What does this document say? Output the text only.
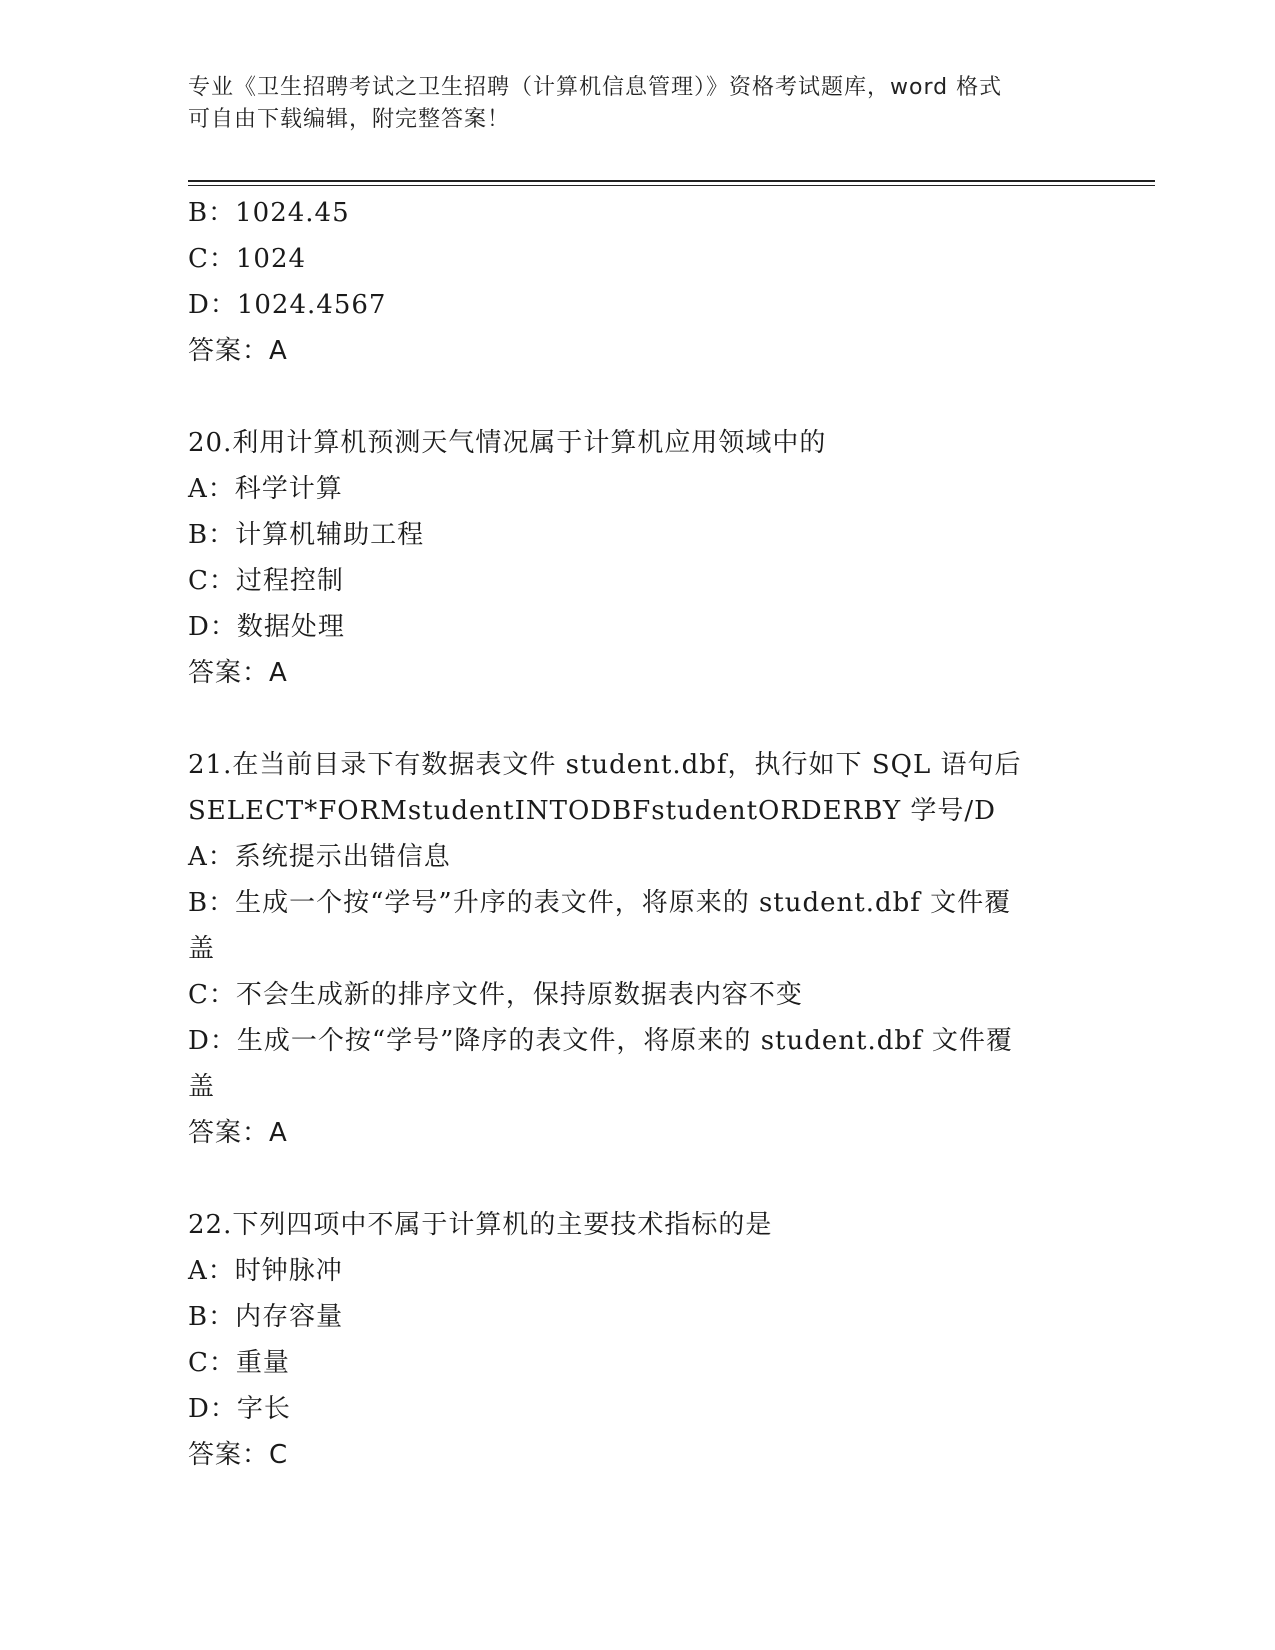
专业《卫生招聘考试之卫生招聘（计算机信息管理）》资格考试题库，word 格式
可自由下载编辑，附完整答案！
B：1024.45
C：1024
D：1024.4567
答案：A
20.利用计算机预测天气情况属于计算机应用领域中的
A：科学计算
B：计算机辅助工程
C：过程控制
D：数据处理
答案：A
21.在当前目录下有数据表文件 student.dbf，执行如下 SQL 语句后
SELECT*FORMstudentINTODBFstudentORDERBY 学号/D
A：系统提示出错信息
B：生成一个按“学号”升序的表文件，将原来的 student.dbf 文件覆
盖
C：不会生成新的排序文件，保持原数据表内容不变
D：生成一个按“学号”降序的表文件，将原来的 student.dbf 文件覆
盖
答案：A
22.下列四项中不属于计算机的主要技术指标的是
A：时钟脉冲
B：内存容量
C：重量
D：字长
答案：C
